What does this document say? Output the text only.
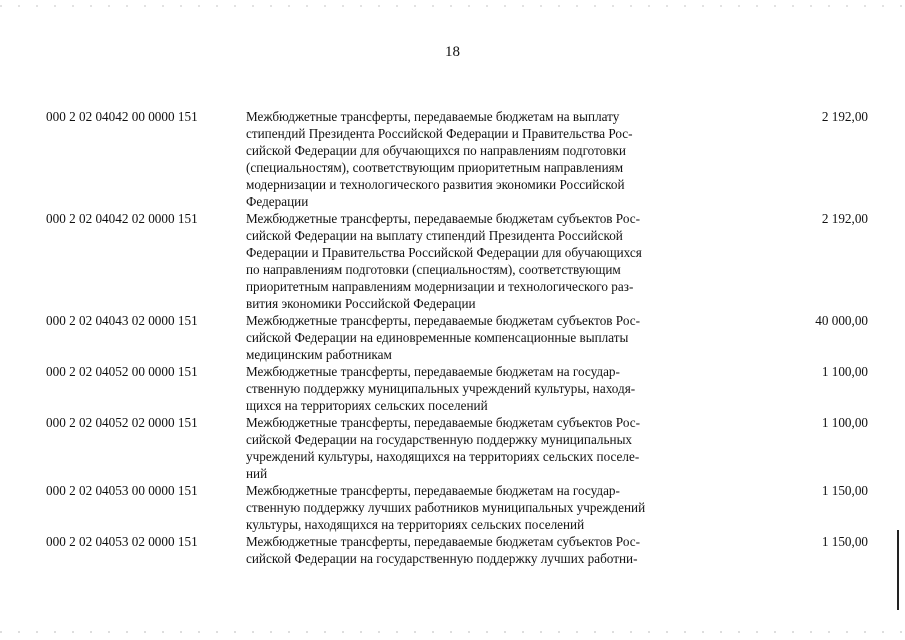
18
000 2 02 04042 00 0000 151	Межбюджетные трансферты, передаваемые бюджетам на выплату
стипендий Президента Российской Федерации и Правительства Рос-
сийской Федерации для обучающихся по направлениям подготовки
(специальностям), соответствующим приоритетным направлениям
модернизации и технологического развития экономики Российской
Федерации
2 192,00
000 2 02 04042 02 0000 151	Межбюджетные трансферты, передаваемые бюджетам субъектов Рос-
сийской Федерации на выплату стипендий Президента Российской
Федерации и Правительства Российской Федерации для обучающихся
по направлениям подготовки (специальностям), соответствующим
приоритетным направлениям модернизации и технологического раз-
вития экономики Российской Федерации
2 192,00
000 2 02 04043 02 0000 151	Межбюджетные трансферты, передаваемые бюджетам субъектов Рос-
сийской Федерации на единовременные компенсационные выплаты
медицинским работникам
40 000,00
000 2 02 04052 00 0000 151	Межбюджетные трансферты, передаваемые бюджетам на государ-
ственную поддержку муниципальных учреждений культуры, находя-
щихся на территориях сельских поселений
1 100,00
000 2 02 04052 02 0000 151	Межбюджетные трансферты, передаваемые бюджетам субъектов Рос-
сийской Федерации на государственную поддержку муниципальных
учреждений культуры, находящихся на территориях сельских поселе-
ний
1 100,00
000 2 02 04053 00 0000 151	Межбюджетные трансферты, передаваемые бюджетам на государ-
ственную поддержку лучших работников муниципальных учреждений
культуры, находящихся на территориях сельских поселений
1 150,00
000 2 02 04053 02 0000 151	Межбюджетные трансферты, передаваемые бюджетам субъектов Рос-
сийской Федерации на государственную поддержку лучших работни-
1 150,00
